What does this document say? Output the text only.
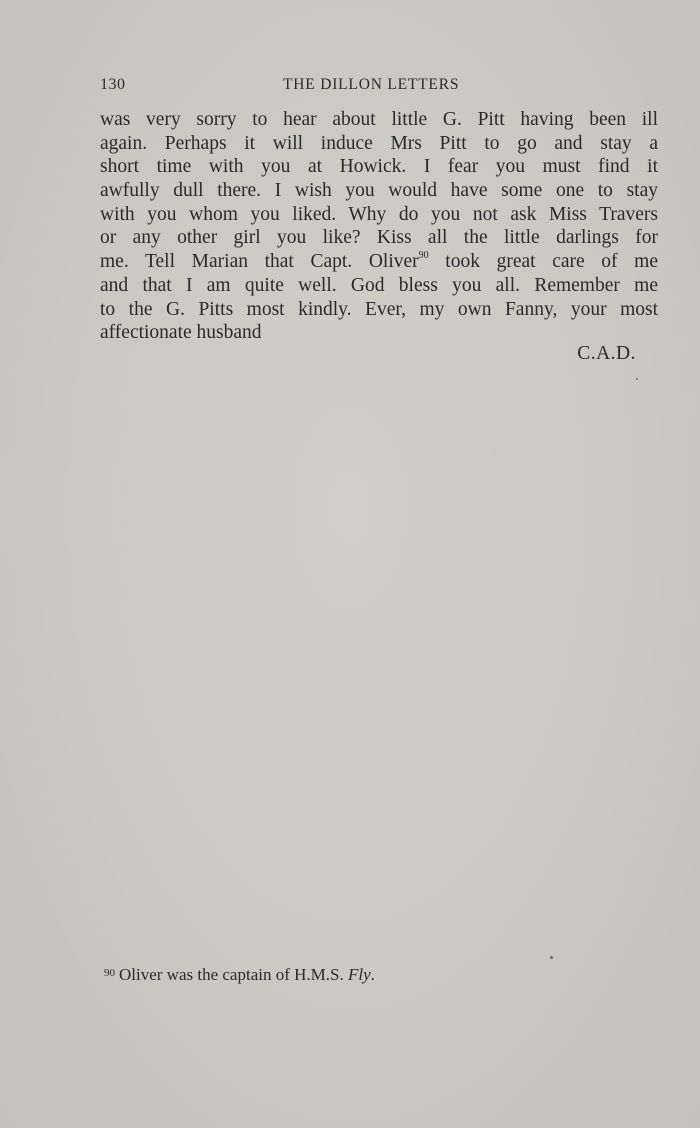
130	THE DILLON LETTERS
was very sorry to hear about little G. Pitt having been ill
again. Perhaps it will induce Mrs Pitt to go and stay a
short time with you at Howick. I fear you must find it
awfully dull there. I wish you would have some one to stay
with you whom you liked. Why do you not ask Miss Travers
or any other girl you like? Kiss all the little darlings for
me. Tell Marian that Capt. Oliver$^{90}$ took great care of me
and that I am quite well. God bless you all. Remember me
to the G. Pitts most kindly. Ever, my own Fanny, your most
affectionate husband
C.A.D.
$^{90}$ Oliver was the captain of H.M.S. Fly.
